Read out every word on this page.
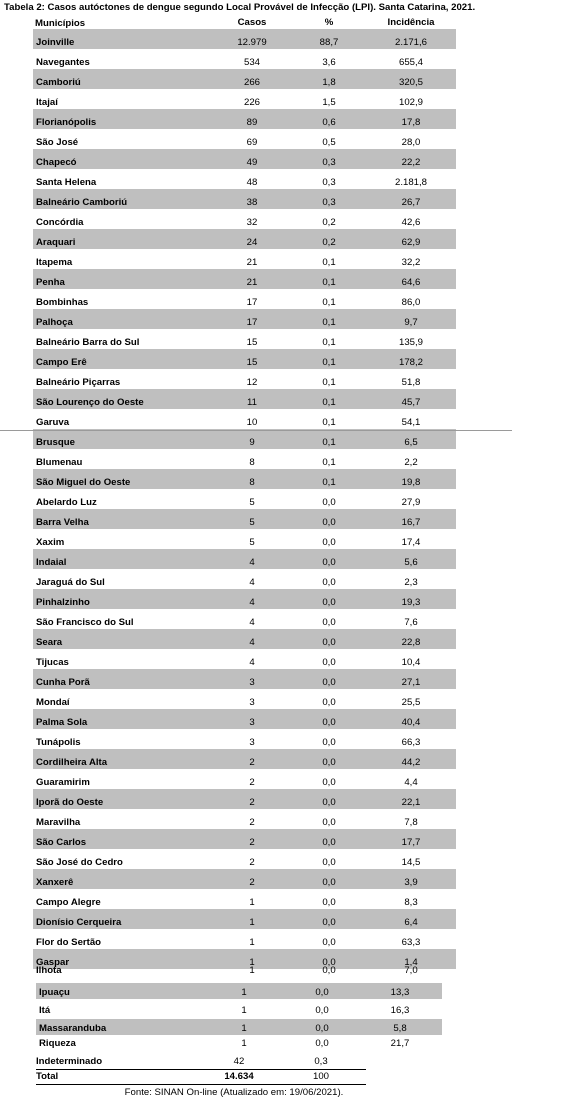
Tabela 2: Casos autóctones de dengue segundo Local Provável de Infecção (LPI). Santa Catarina, 2021.
Municípios	Casos	%	Incidência
Joinville	12.979	88,7	2.171,6
Navegantes	534	3,6	655,4
Camboriú	266	1,8	320,5
Itajaí	226	1,5	102,9
Florianópolis	89	0,6	17,8
São José	69	0,5	28,0
Chapecó	49	0,3	22,2
Santa Helena	48	0,3	2.181,8
Balneário Camboriú	38	0,3	26,7
Concórdia	32	0,2	42,6
Araquari	24	0,2	62,9
Itapema	21	0,1	32,2
Penha	21	0,1	64,6
Bombinhas	17	0,1	86,0
Palhoça	17	0,1	9,7
Balneário Barra do Sul	15	0,1	135,9
Campo Erê	15	0,1	178,2
Balneário Piçarras	12	0,1	51,8
São Lourenço do Oeste	11	0,1	45,7
Garuva	10	0,1	54,1
Brusque	9	0,1	6,5
Blumenau	8	0,1	2,2
São Miguel do Oeste	8	0,1	19,8
Abelardo Luz	5	0,0	27,9
Barra Velha	5	0,0	16,7
Xaxim	5	0,0	17,4
Indaial	4	0,0	5,6
Jaraguá do Sul	4	0,0	2,3
Pinhalzinho	4	0,0	19,3
São Francisco do Sul	4	0,0	7,6
Seara	4	0,0	22,8
Tijucas	4	0,0	10,4
Cunha Porã	3	0,0	27,1
Mondaí	3	0,0	25,5
Palma Sola	3	0,0	40,4
Tunápolis	3	0,0	66,3
Cordilheira Alta	2	0,0	44,2
Guaramirim	2	0,0	4,4
Iporã do Oeste	2	0,0	22,1
Maravilha	2	0,0	7,8
São Carlos	2	0,0	17,7
São José do Cedro	2	0,0	14,5
Xanxerê	2	0,0	3,9
Campo Alegre	1	0,0	8,3
Dionísio Cerqueira	1	0,0	6,4
Flor do Sertão	1	0,0	63,3
Gaspar	1	0,0	1,4
Ilhota	1	0,0	7,0
Ipuaçu	1	0,0	13,3
Itá	1	0,0	16,3
Massaranduba	1	0,0	5,8
Riqueza	1	0,0	21,7
Indeterminado	42	0,3
Total	14.634	100
Fonte: SINAN On-line (Atualizado em: 19/06/2021).
